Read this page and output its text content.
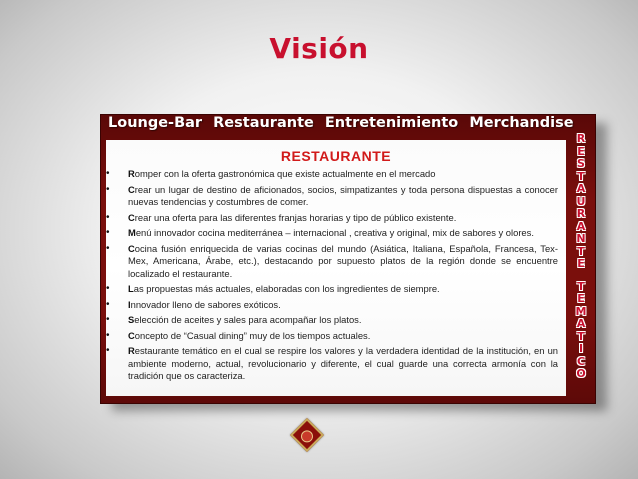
Visión
Lounge-Bar Restaurante Entretenimiento Merchandise
RESTAURANTE
• Romper con la oferta gastronómica que existe actualmente en el mercado
• Crear un lugar de destino de aficionados, socios, simpatizantes y toda persona dispuestas a conocer nuevas tendencias y costumbres de comer.
• Crear una oferta para las diferentes franjas horarias y tipo de público existente.
• Menú innovador cocina mediterránea – internacional , creativa y original, mix de sabores y olores.
• Cocina fusión enriquecida de varias cocinas del mundo (Asiática, Italiana, Española, Francesa, Tex-Mex, Americana, Árabe, etc.), destacando por supuesto platos de la región donde se encuentre localizado el restaurante.
• Las propuestas más actuales, elaboradas con los ingredientes de siempre.
• Innovador lleno de sabores exóticos.
• Selección de aceites y sales para acompañar los platos.
• Concepto de “Casual dining” muy de los tiempos actuales.
• Restaurante temático en el cual se respire los valores y la verdadera identidad de la institución, en un ambiente moderno, actual, revolucionario y diferente, el cual guarde una correcta armonía con la tradición que os caracteriza.
R
E
S
T
A
U
R
A
N
T
E
T
E
M
A
T
I
C
O
